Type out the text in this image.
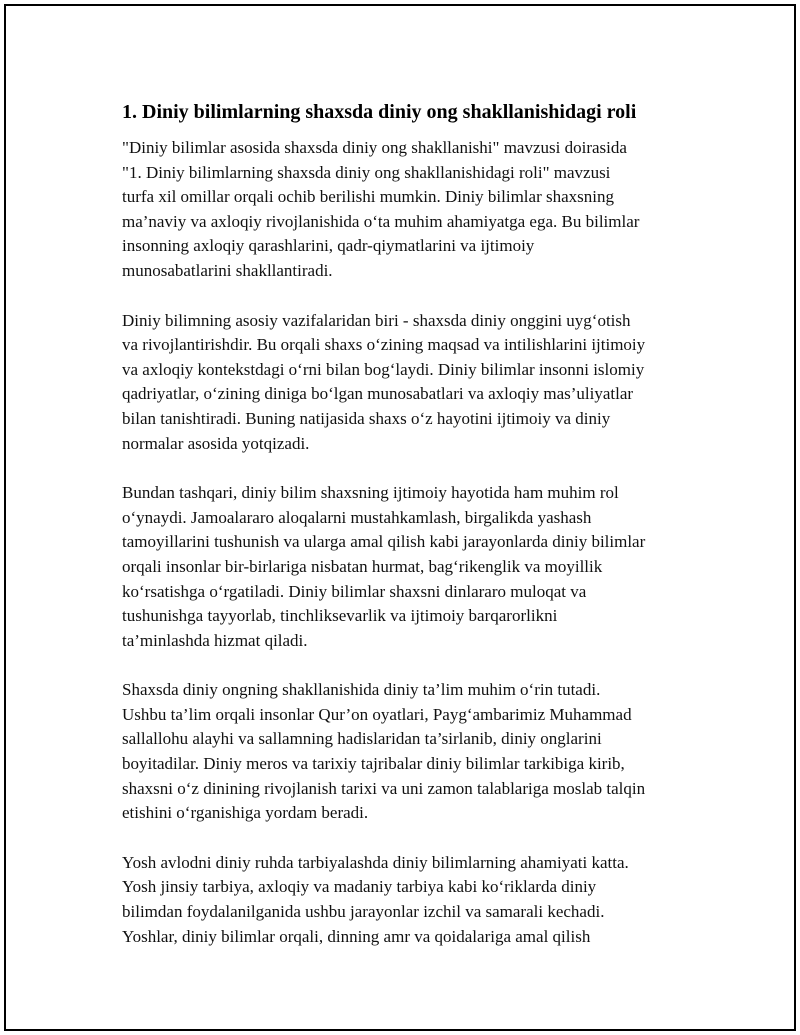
1. Diniy bilimlarning shaxsda diniy ong shakllanishidagi roli

"Diniy bilimlar asosida shaxsda diniy ong shakllanishi" mavzusi doirasida
"1. Diniy bilimlarning shaxsda diniy ong shakllanishidagi roli" mavzusi
turfa xil omillar orqali ochib berilishi mumkin. Diniy bilimlar shaxsning
ma’naviy va axloqiy rivojlanishida oʻta muhim ahamiyatga ega. Bu bilimlar
insonning axloqiy qarashlarini, qadr-qiymatlarini va ijtimoiy
munosabatlarini shakllantiradi.

Diniy bilimning asosiy vazifalaridan biri - shaxsda diniy onggini uygʻotish
va rivojlantirishdir. Bu orqali shaxs oʻzining maqsad va intilishlarini ijtimoiy
va axloqiy kontekstdagi oʻrni bilan bogʻlaydi. Diniy bilimlar insonni islomiy
qadriyatlar, oʻzining diniga boʻlgan munosabatlari va axloqiy mas’uliyatlar
bilan tanishtiradi. Buning natijasida shaxs oʻz hayotini ijtimoiy va diniy
normalar asosida yotqizadi.

Bundan tashqari, diniy bilim shaxsning ijtimoiy hayotida ham muhim rol
oʻynaydi. Jamoalararo aloqalarni mustahkamlash, birgalikda yashash
tamoyillarini tushunish va ularga amal qilish kabi jarayonlarda diniy bilimlar
orqali insonlar bir-birlariga nisbatan hurmat, bagʻrikenglik va moyillik
koʻrsatishga oʻrgatiladi. Diniy bilimlar shaxsni dinlararo muloqat va
tushunishga tayyorlab, tinchliksevarlik va ijtimoiy barqarorlikni
ta’minlashda hizmat qiladi.

Shaxsda diniy ongning shakllanishida diniy ta’lim muhim oʻrin tutadi.
Ushbu ta’lim orqali insonlar Qur’on oyatlari, Paygʻambarimiz Muhammad
sallallohu alayhi va sallamning hadislaridan ta’sirlanib, diniy onglarini
boyitadilar. Diniy meros va tarixiy tajribalar diniy bilimlar tarkibiga kirib,
shaxsni oʻz dinining rivojlanish tarixi va uni zamon talablariga moslab talqin
etishini oʻrganishiga yordam beradi.

Yosh avlodni diniy ruhda tarbiyalashda diniy bilimlarning ahamiyati katta.
Yosh jinsiy tarbiya, axloqiy va madaniy tarbiya kabi koʻriklarda diniy
bilimdan foydalanilganida ushbu jarayonlar izchil va samarali kechadi.
Yoshlar, diniy bilimlar orqali, dinning amr va qoidalariga amal qilish
